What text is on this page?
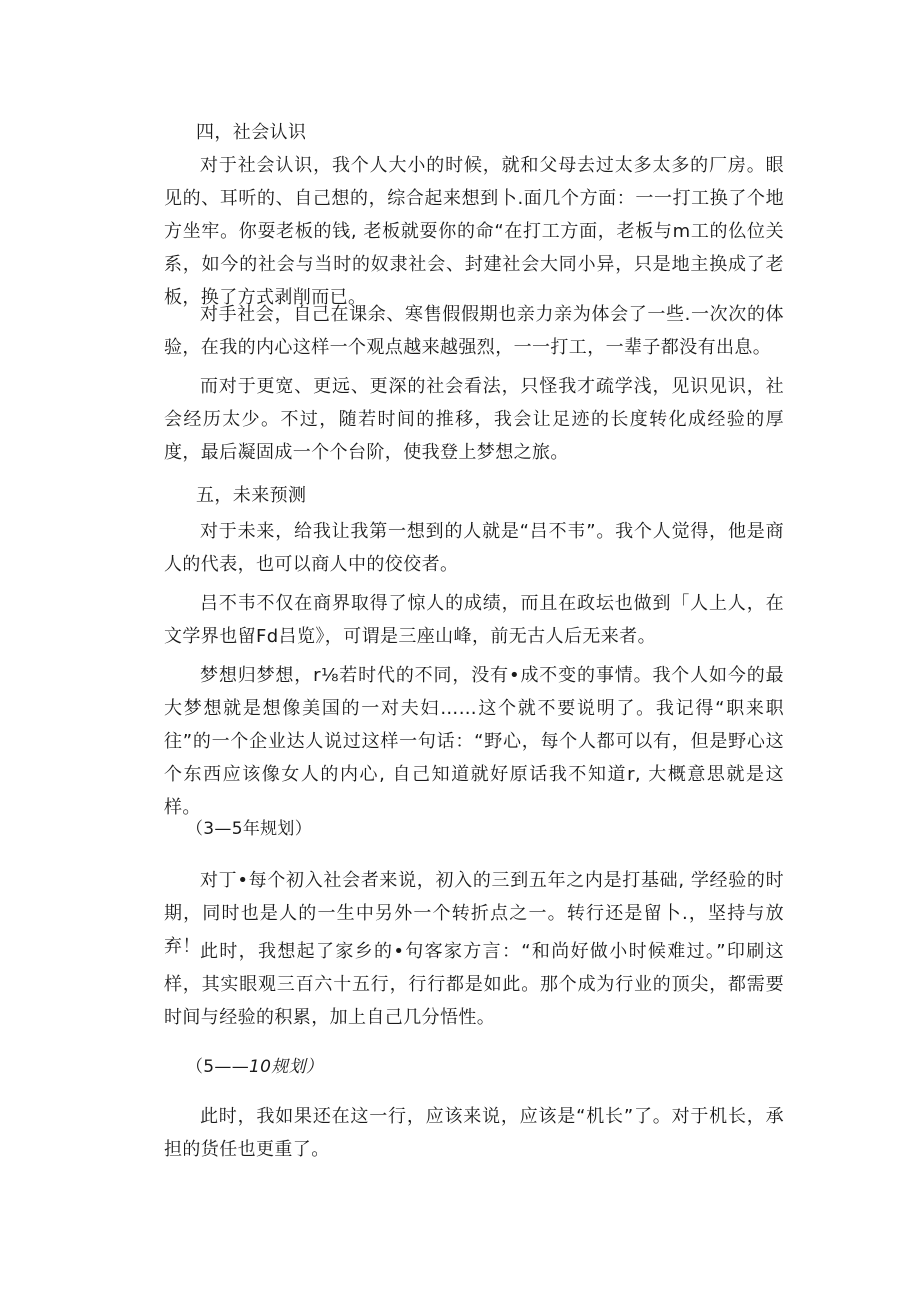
四，社会认识
对于社会认识，我个人大小的时候，就和父母去过太多太多的厂房。眼见的、耳听的、自己想的，综合起来想到卜.面几个方面：一一打工换了个地方坐牢。你耍老板的钱, 老板就耍你的命“在打工方面，老板与m工的仫位关系，如今的社会与当时的奴隶社会、封建社会大同小异，只是地主换成了老板，换了方式剥削而已。
对手社会，自己在课余、寒售假假期也亲力亲为体会了一些.一次次的体验，在我的内心这样一个观点越来越强烈，一一打工，一辈子都没有出息。
而对于更宽、更远、更深的社会看法，只怪我才疏学浅，见识见识，社会经历太少。不过，随若时间的推移，我会让足迹的长度转化成经验的厚度，最后凝固成一个个台阶，使我登上梦想之旅。
五，未来预测
对于未来，给我让我第一想到的人就是“吕不韦”。我个人觉得，他是商人的代表，也可以商人中的佼佼者。
吕不韦不仅在商界取得了惊人的成绩，而且在政坛也做到「人上人，在文学界也留Fd吕览》，可谓是三座山峰，前无古人后无来者。
梦想归梦想，r⅛若时代的不同，没有•成不变的事情。我个人如今的最大梦想就是想像美国的一对夫妇……这个就不要说明了。我记得“职来职往”的一个企业达人说过这样一句话：“野心，每个人都可以有，但是野心这个东西应该像女人的内心, 自己知道就好原话我不知道r, 大概意思就是这样。
（3—5年规划）
对丁•每个初入社会者来说，初入的三到五年之内是打基础, 学经验的时期，同时也是人的一生中另外一个转折点之一。转行还是留卜.，坚持与放弃！ 此时，我想起了家乡的•句客家方言：“和尚好做小时候难过。”印刷这样，其实眼观三百六十五行，行行都是如此。那个成为行业的顶尖，都需要时间与经验的积累，加上自己几分悟性。
（5——10规划）
此时，我如果还在这一行，应该来说，应该是“机长”了。对于机长，承担的货任也更重了。
